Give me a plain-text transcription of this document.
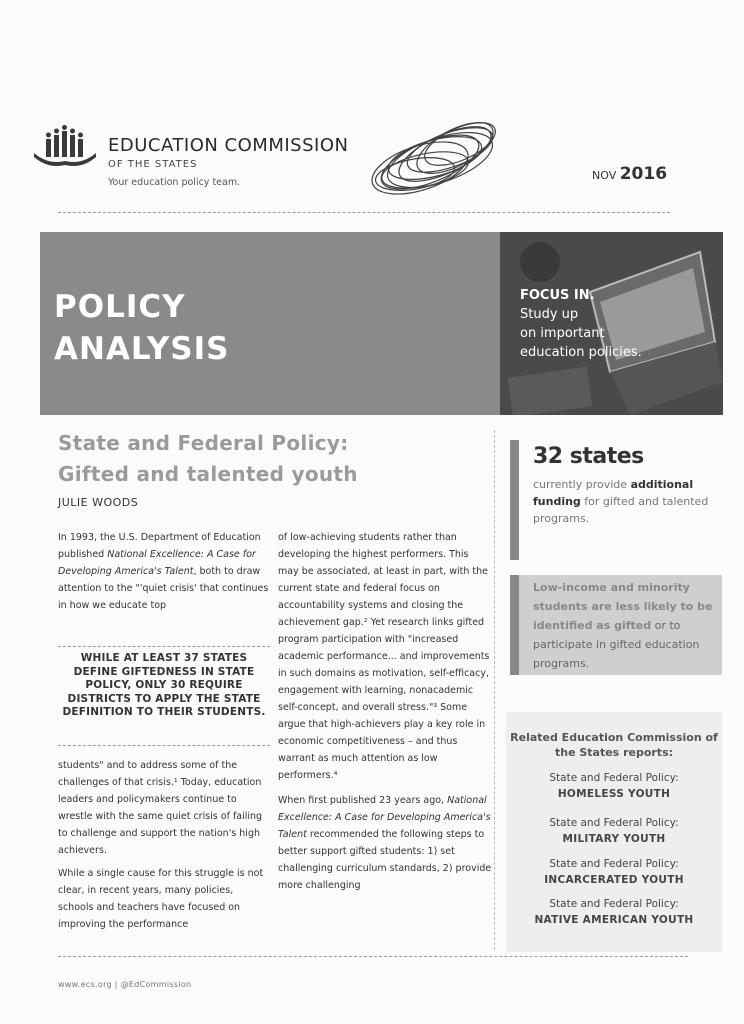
EDUCATION COMMISSION
OF THE STATES
Your education policy team.
NOV 2016
POLICY
ANALYSIS
FOCUS IN.
Study up
on important
education policies.
State and Federal Policy:
Gifted and talented youth
JULIE WOODS

In 1993, the U.S. Department of Education published National Excellence: A Case for Developing America's Talent, both to draw attention to the "'quiet crisis' that continues in how we educate top

WHILE AT LEAST 37 STATES DEFINE GIFTEDNESS IN STATE POLICY, ONLY 30 REQUIRE DISTRICTS TO APPLY THE STATE DEFINITION TO THEIR STUDENTS.

students" and to address some of the challenges of that crisis.¹ Today, education leaders and policymakers continue to wrestle with the same quiet crisis of failing to challenge and support the nation's high achievers.

While a single cause for this struggle is not clear, in recent years, many policies, schools and teachers have focused on improving the performance

of low-achieving students rather than developing the highest performers. This may be associated, at least in part, with the current state and federal focus on accountability systems and closing the achievement gap.² Yet research links gifted program participation with "increased academic performance... and improvements in such domains as motivation, self-efficacy, engagement with learning, nonacademic self-concept, and overall stress."³ Some argue that high-achievers play a key role in economic competitiveness – and thus warrant as much attention as low performers.⁴

When first published 23 years ago, National Excellence: A Case for Developing America's Talent recommended the following steps to better support gifted students: 1) set challenging curriculum standards, 2) provide more challenging

32 states
currently provide additional funding for gifted and talented programs.
Low-income and minority students are less likely to be identified as gifted or to participate in gifted education programs.
Related Education Commission of the States reports:
State and Federal Policy:
HOMELESS YOUTH
State and Federal Policy:
MILITARY YOUTH
State and Federal Policy:
INCARCERATED YOUTH
State and Federal Policy:
NATIVE AMERICAN YOUTH
www.ecs.org | @EdCommission
